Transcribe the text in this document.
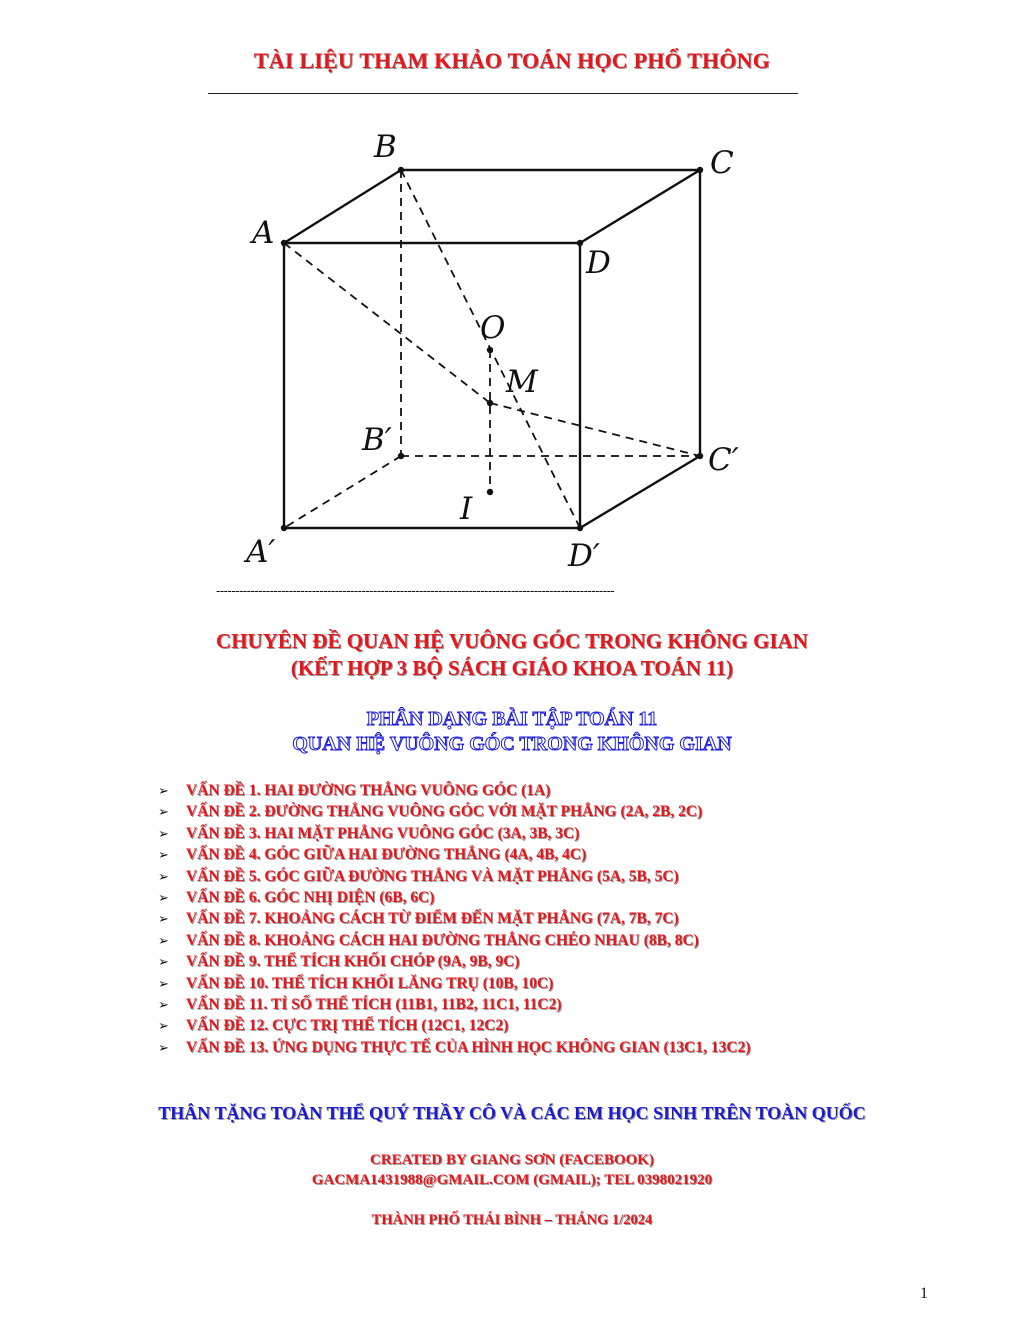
TÀI LIỆU THAM KHẢO TOÁN HỌC PHỔ THÔNG
B	C
A
D
O
M
B′
C′
I
A′	D′
--------------------------------------------------------------------------------------------------------
CHUYÊN ĐỀ QUAN HỆ VUÔNG GÓC TRONG KHÔNG GIAN
(KẾT HỢP 3 BỘ SÁCH GIÁO KHOA TOÁN 11)
PHÂN DẠNG BÀI TẬP TOÁN 11
QUAN HỆ VUÔNG GÓC TRONG KHÔNG GIAN
➢ VẤN ĐỀ 1. HAI ĐƯỜNG THẲNG VUÔNG GÓC (1A)
➢ VẤN ĐỀ 2. ĐƯỜNG THẲNG VUÔNG GÓC VỚI MẶT PHẲNG (2A, 2B, 2C)
➢ VẤN ĐỀ 3. HAI MẶT PHẲNG VUÔNG GÓC (3A, 3B, 3C)
➢ VẤN ĐỀ 4. GÓC GIỮA HAI ĐƯỜNG THẲNG (4A, 4B, 4C)
➢ VẤN ĐỀ 5. GÓC GIỮA ĐƯỜNG THẲNG VÀ MẶT PHẲNG (5A, 5B, 5C)
➢ VẤN ĐỀ 6. GÓC NHỊ DIỆN (6B, 6C)
➢ VẤN ĐỀ 7. KHOẢNG CÁCH TỪ ĐIỂM ĐẾN MẶT PHẲNG (7A, 7B, 7C)
➢ VẤN ĐỀ 8. KHOẢNG CÁCH HAI ĐƯỜNG THẲNG CHÉO NHAU (8B, 8C)
➢ VẤN ĐỀ 9. THỂ TÍCH KHỐI CHÓP (9A, 9B, 9C)
➢ VẤN ĐỀ 10. THỂ TÍCH KHỐI LĂNG TRỤ (10B, 10C)
➢ VẤN ĐỀ 11. TỈ SỐ THỂ TÍCH (11B1, 11B2, 11C1, 11C2)
➢ VẤN ĐỀ 12. CỰC TRỊ THỂ TÍCH (12C1, 12C2)
➢ VẤN ĐỀ 13. ỨNG DỤNG THỰC TẾ CỦA HÌNH HỌC KHÔNG GIAN (13C1, 13C2)
THÂN TẶNG TOÀN THỂ QUÝ THẦY CÔ VÀ CÁC EM HỌC SINH TRÊN TOÀN QUỐC
CREATED BY GIANG SƠN (FACEBOOK)
GACMA1431988@GMAIL.COM (GMAIL); TEL 0398021920
THÀNH PHỐ THÁI BÌNH – THÁNG 1/2024
1
